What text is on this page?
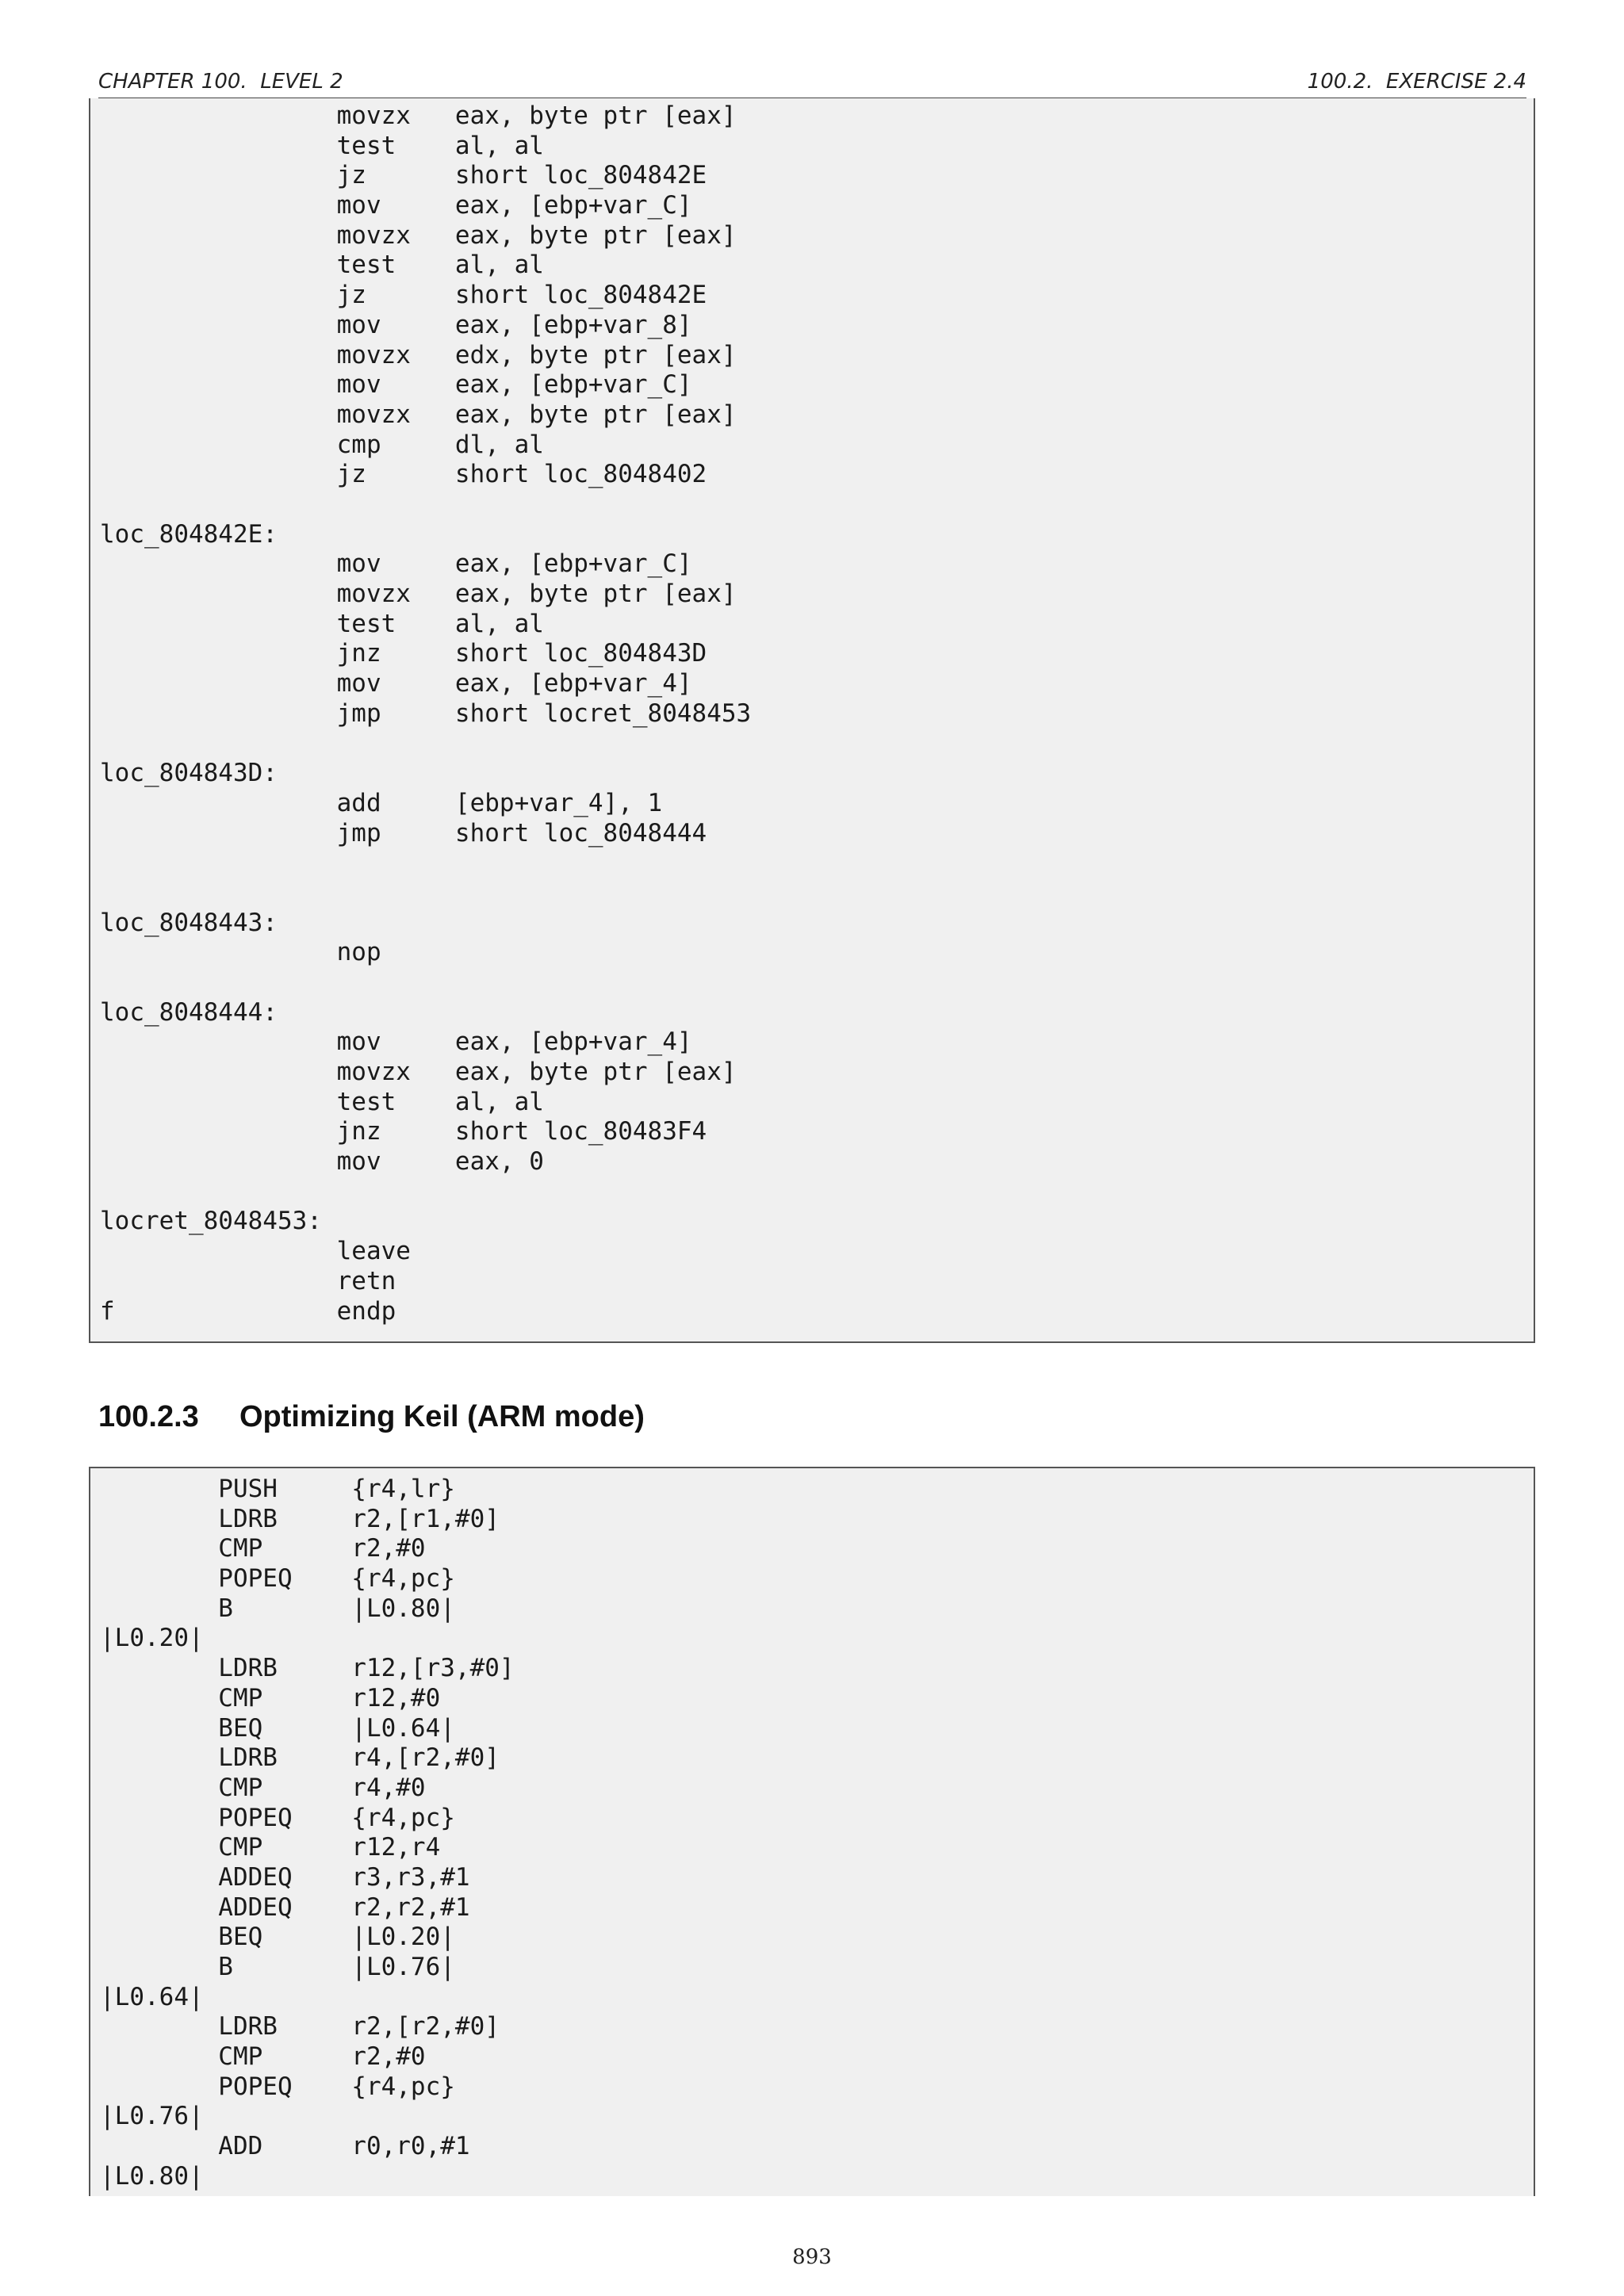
CHAPTER 100.  LEVEL 2	100.2.  EXERCISE 2.4
movzx   eax, byte ptr [eax]
test    al, al
jz      short loc_804842E
mov     eax, [ebp+var_C]
movzx   eax, byte ptr [eax]
test    al, al
jz      short loc_804842E
mov     eax, [ebp+var_8]
movzx   edx, byte ptr [eax]
mov     eax, [ebp+var_C]
movzx   eax, byte ptr [eax]
cmp     dl, al
jz      short loc_8048402
loc_804842E:
mov     eax, [ebp+var_C]
movzx   eax, byte ptr [eax]
test    al, al
jnz     short loc_804843D
mov     eax, [ebp+var_4]
jmp     short locret_8048453
loc_804843D:
add     [ebp+var_4], 1
jmp     short loc_8048444
loc_8048443:
nop
loc_8048444:
mov     eax, [ebp+var_4]
movzx   eax, byte ptr [eax]
test    al, al
jnz     short loc_80483F4
mov     eax, 0
locret_8048453:
leave
retn
f               endp
100.2.3 Optimizing Keil (ARM mode)
PUSH     {r4,lr}
LDRB     r2,[r1,#0]
CMP      r2,#0
POPEQ    {r4,pc}
B        |L0.80|
|L0.20|
LDRB     r12,[r3,#0]
CMP      r12,#0
BEQ      |L0.64|
LDRB     r4,[r2,#0]
CMP      r4,#0
POPEQ    {r4,pc}
CMP      r12,r4
ADDEQ    r3,r3,#1
ADDEQ    r2,r2,#1
BEQ      |L0.20|
B        |L0.76|
|L0.64|
LDRB     r2,[r2,#0]
CMP      r2,#0
POPEQ    {r4,pc}
|L0.76|
ADD      r0,r0,#1
|L0.80|
893
